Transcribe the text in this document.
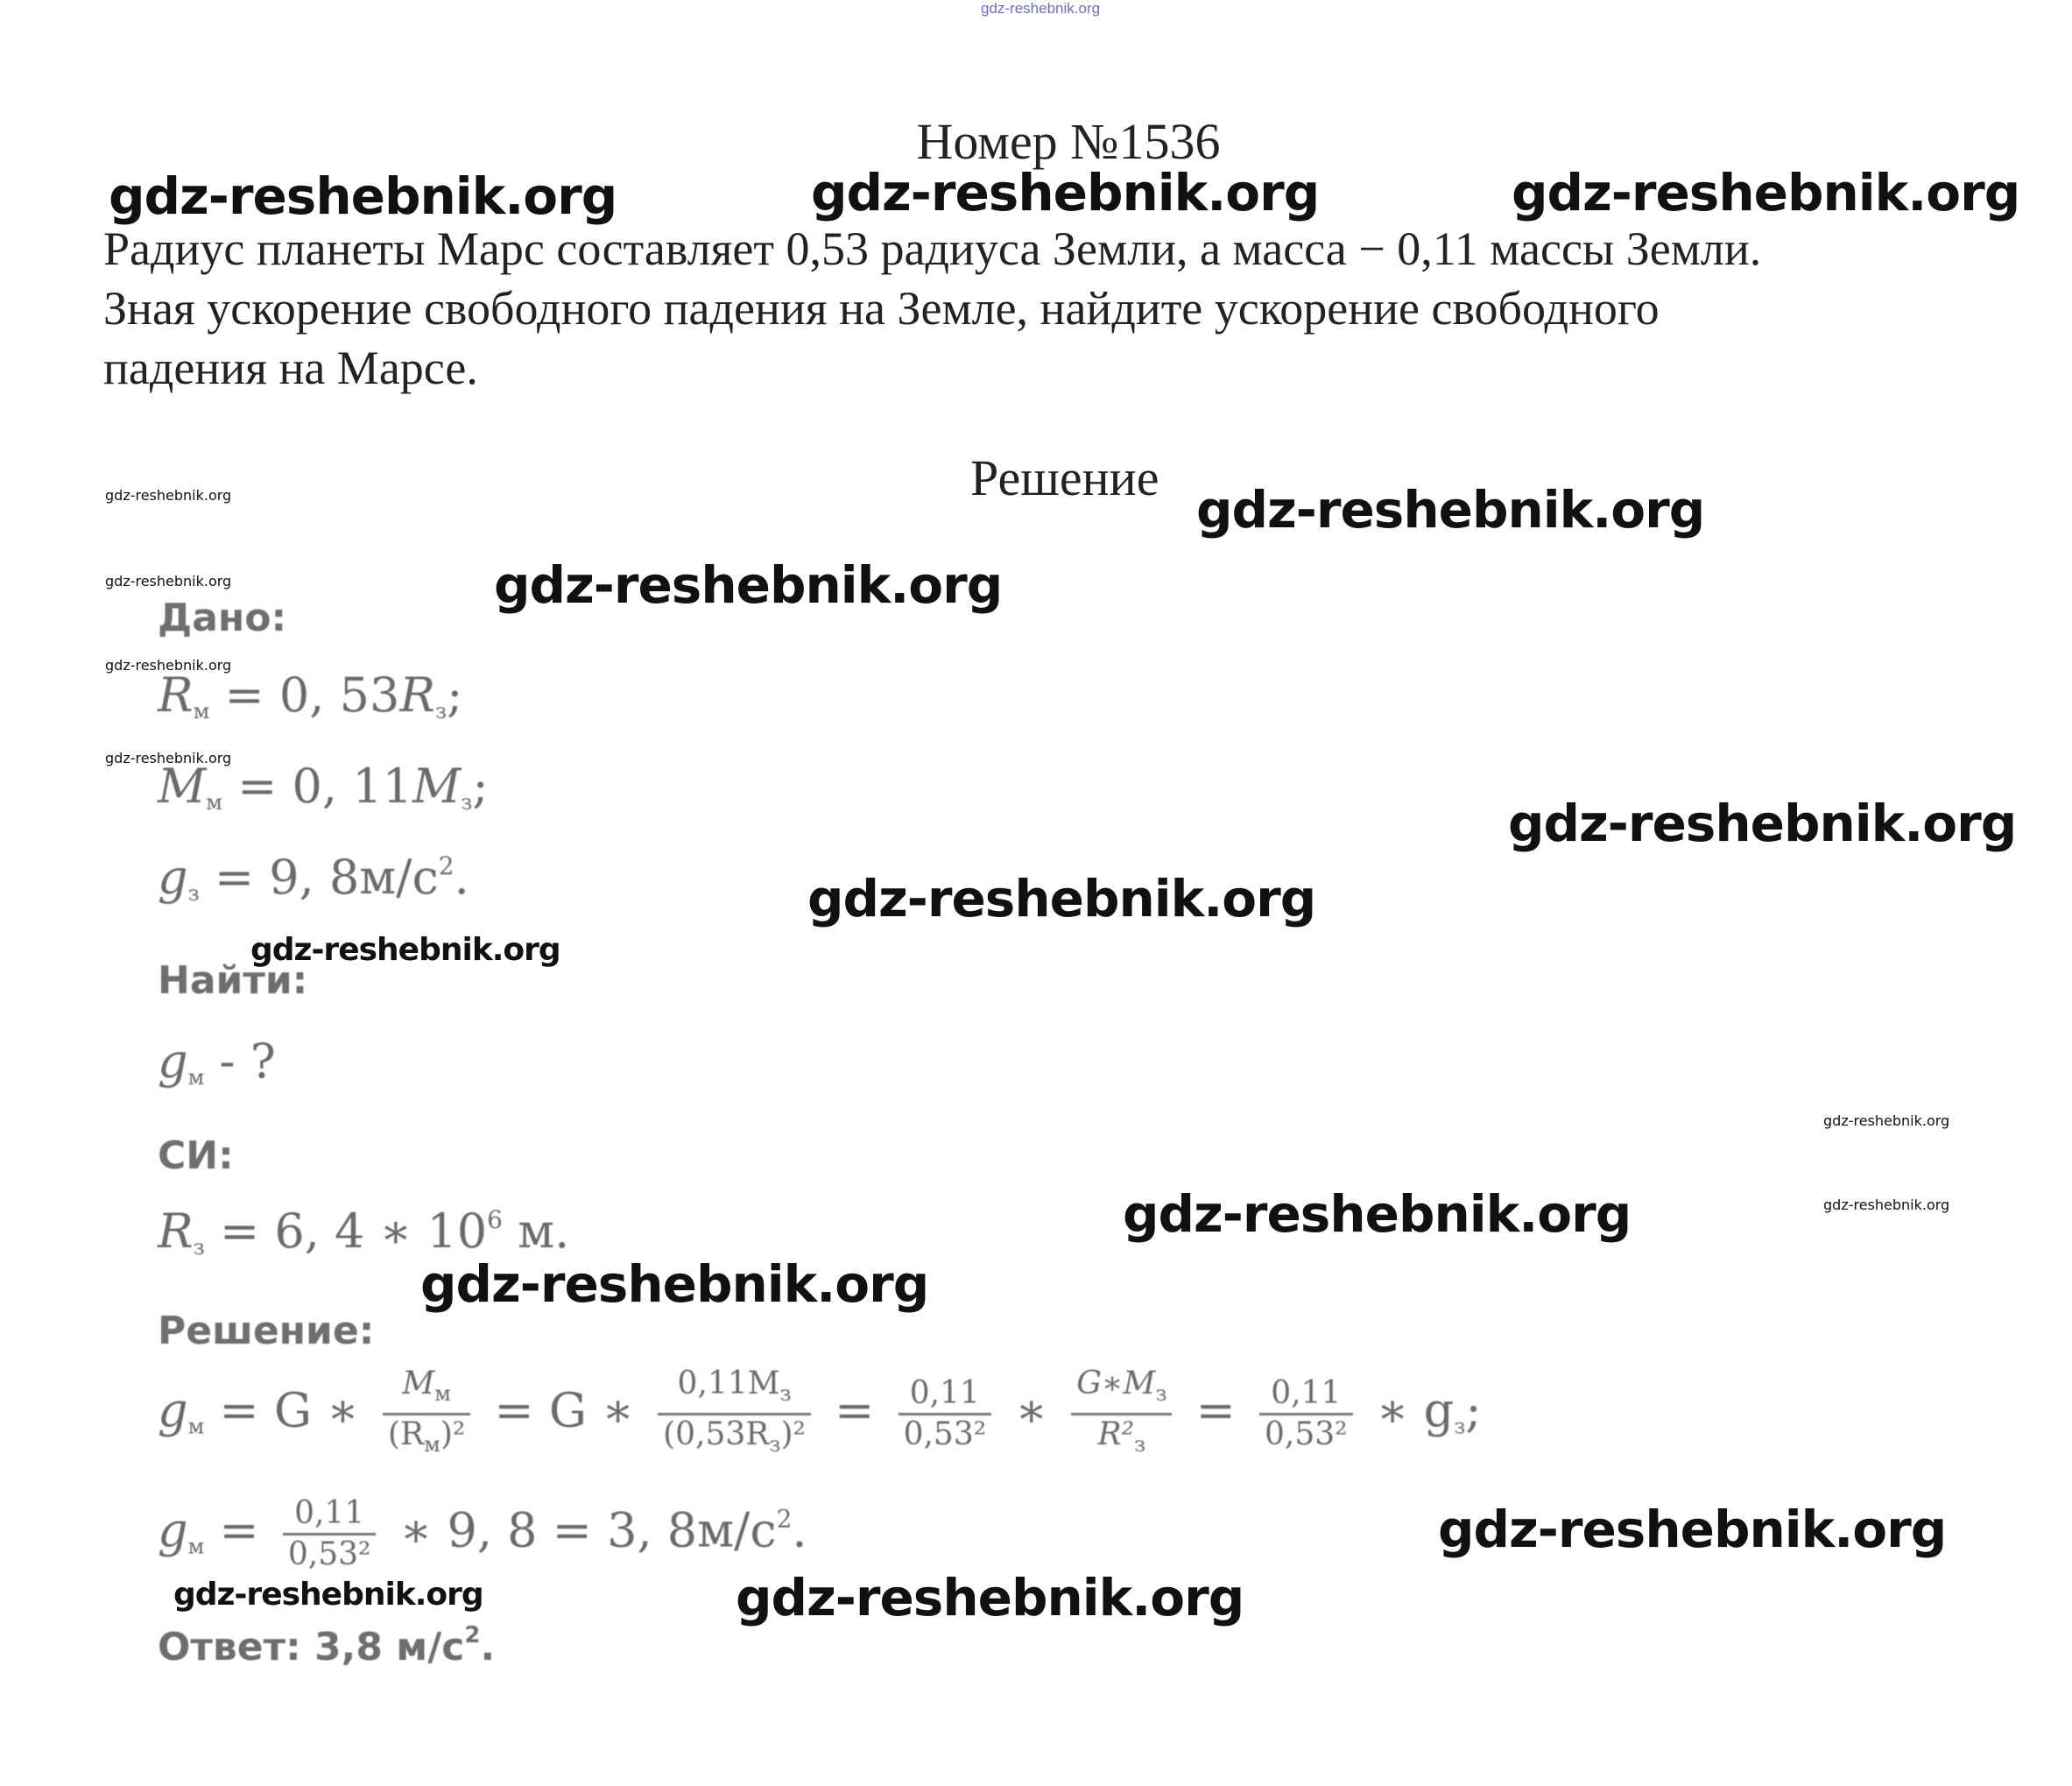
gdz-reshebnik.org
Номер №1536
gdz-reshebnik.org	gdz-reshebnik.org	gdz-reshebnik.org
Радиус планеты Марс составляет 0,53 радиуса Земли, а масса − 0,11 массы Земли.
Зная ускорение свободного падения на Земле, найдите ускорение свободного
падения на Марсе.
Решение
gdz-reshebnik.org
gdz-reshebnik.org
gdz-reshebnik.org	gdz-reshebnik.org
gdz-reshebnik.org
gdz-reshebnik.org
Дано:
$R_м = 0$, $53R_з$;
$M_м = 0$, $11M_з$;
gdz-reshebnik.org
$g_з = 9$, $8м/с^2$.	gdz-reshebnik.org
Найти:
gdz-reshebnik.org
$g_м$ - ?
gdz-reshebnik.org
СИ:
$R_з = 6$, 4 ∗ $10^6$ м.	gdz-reshebnik.org	gdz-reshebnik.org
gdz-reshebnik.org
Решение:
$g_м = G$ ∗ $\frac{M_м}{(R_м)^2} = G$ ∗ $\frac{0,11M_з}{(0,53R_з)^2} = \frac{0,11}{\text{0,53²}}$ ∗ $\frac{G∗M_з}{R^2_з} = \frac{0,11}{\text{0,53²}}$ ∗ $g_з$;
$g_м = \frac{0,11}{\text{0,53²}}$ ∗ 9, 8 = 3, $8м/с^2$.	gdz-reshebnik.org
gdz-reshebnik.org	gdz-reshebnik.org
Ответ: 3,8 $м/с^2$.
